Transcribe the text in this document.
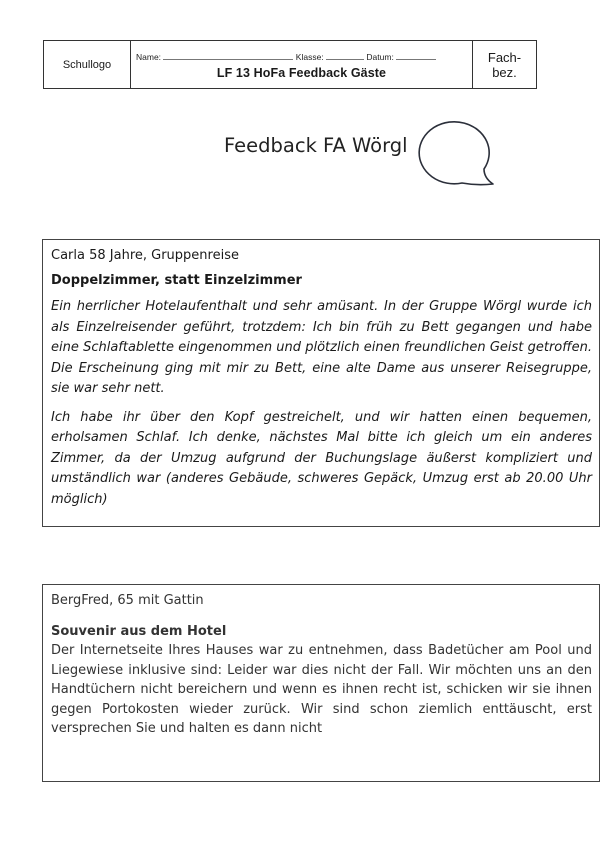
Schullogo
Name:	Klasse:	Datum:
LF 13 HoFa Feedback Gäste
Fach-
bez.
Feedback FA Wörgl

Carla 58 Jahre, Gruppenreise

Doppelzimmer, statt Einzelzimmer

Ein herrlicher Hotelaufenthalt und sehr amüsant. In der Gruppe Wörgl wurde ich als Einzelreisender geführt, trotzdem: Ich bin früh zu Bett gegangen und habe eine Schlaftablette eingenommen und plötzlich einen freundlichen Geist getroffen. Die Erscheinung ging mit mir zu Bett, eine alte Dame aus unserer Reisegruppe, sie war sehr nett.

Ich habe ihr über den Kopf gestreichelt, und wir hatten einen bequemen, erholsamen Schlaf. Ich denke, nächstes Mal bitte ich gleich um ein anderes Zimmer, da der Umzug aufgrund der Buchungslage äußerst kompliziert und umständlich war (anderes Gebäude, schweres Gepäck, Umzug erst ab 20.00 Uhr möglich)

BergFred, 65 mit Gattin

Souvenir aus dem Hotel

Der Internetseite Ihres Hauses war zu entnehmen, dass Badetücher am Pool und Liegewiese inklusive sind: Leider war dies nicht der Fall. Wir möchten uns an den Handtüchern nicht bereichern und wenn es ihnen recht ist, schicken wir sie ihnen gegen Portokosten wieder zurück. Wir sind schon ziemlich enttäuscht, erst versprechen Sie und halten es dann nicht
